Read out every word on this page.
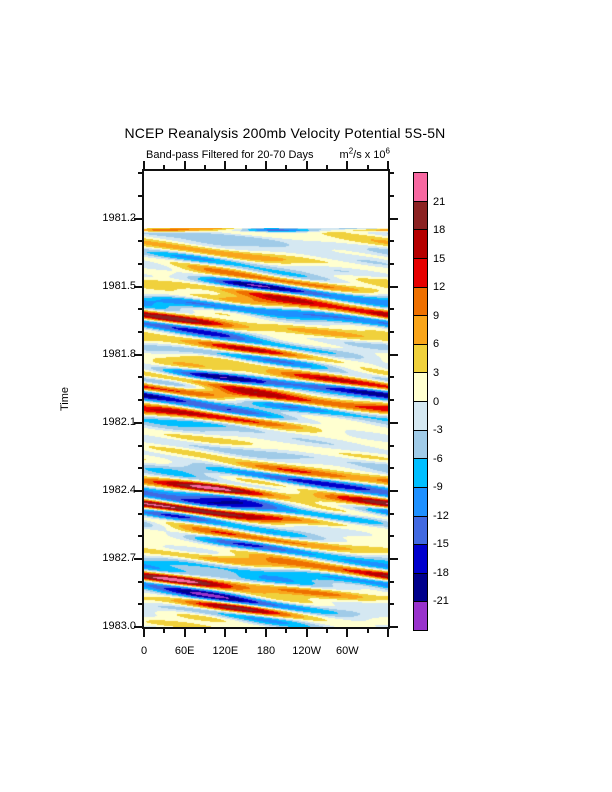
NCEP Reanalysis 200mb Velocity Potential 5S-5N
Band-pass Filtered for 20-70 Days	$m^2/s$ x $10^6$
Time
1981.2
1981.5
1981.8
1982.1
1982.4
1982.7
1983.0
0	60E	120E	180	120W	60W
21
18
15
12
9
6
3
0
-3
-6
-9
-12
-15
-18
-21
